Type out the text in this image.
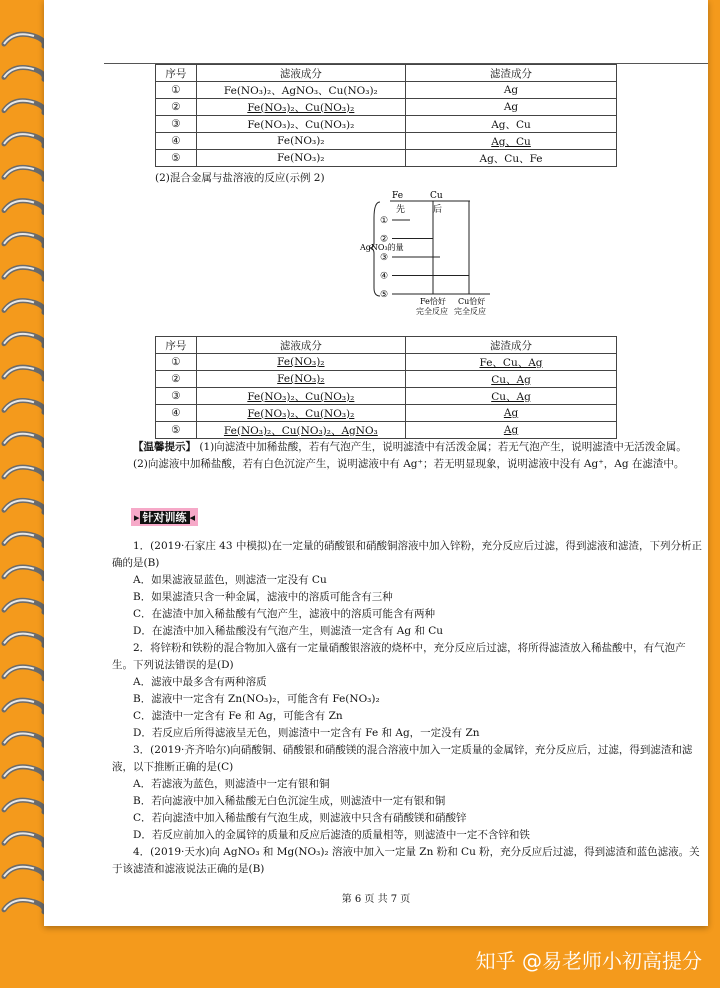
序号	滤液成分	滤渣成分
①	Fe(NO₃)₂、AgNO₃、Cu(NO₃)₂	Ag
②	Fe(NO₃)₂、Cu(NO₃)₂	Ag
③	Fe(NO₃)₂、Cu(NO₃)₂	Ag、Cu
④	Fe(NO₃)₂	Ag、Cu
⑤	Fe(NO₃)₂	Ag、Cu、Fe
(2)混合金属与盐溶液的反应(示例 2)
Fe	Cu
先	后
AgNO₃的量
①
②
③
④
⑤
Fe恰好
完全反应
Cu恰好
完全反应
序号	滤液成分	滤渣成分
①	Fe(NO₃)₂	Fe、Cu、Ag
②	Fe(NO₃)₂	Cu、Ag
③	Fe(NO₃)₂、Cu(NO₃)₂	Cu、Ag
④	Fe(NO₃)₂、Cu(NO₃)₂	Ag
⑤	Fe(NO₃)₂、Cu(NO₃)₂、AgNO₃	Ag
【温馨提示】 (1)向滤渣中加稀盐酸，若有气泡产生，说明滤渣中有活泼金属；若无气泡产生，说明滤渣中无活泼金属。
(2)向滤液中加稀盐酸，若有白色沉淀产生，说明滤液中有 Ag⁺；若无明显现象，说明滤液中没有 Ag⁺，Ag 在滤渣中。
▸ 针对训练 ◂
1．(2019·石家庄 43 中模拟)在一定量的硝酸银和硝酸铜溶液中加入锌粉，充分反应后过滤，得到滤液和滤渣，下列分析正确的是(B)
A．如果滤液显蓝色，则滤渣一定没有 Cu
B．如果滤渣只含一种金属，滤液中的溶质可能含有三种
C．在滤渣中加入稀盐酸有气泡产生，滤液中的溶质可能含有两种
D．在滤渣中加入稀盐酸没有气泡产生，则滤渣一定含有 Ag 和 Cu
2．将锌粉和铁粉的混合物加入盛有一定量硝酸银溶液的烧杯中，充分反应后过滤，将所得滤渣放入稀盐酸中，有气泡产生。下列说法错误的是(D)
A．滤液中最多含有两种溶质
B．滤液中一定含有 Zn(NO₃)₂，可能含有 Fe(NO₃)₂
C．滤渣中一定含有 Fe 和 Ag，可能含有 Zn
D．若反应后所得滤液呈无色，则滤渣中一定含有 Fe 和 Ag，一定没有 Zn
3．(2019·齐齐哈尔)向硝酸铜、硝酸银和硝酸镁的混合溶液中加入一定质量的金属锌，充分反应后，过滤，得到滤渣和滤液，以下推断正确的是(C)
A．若滤液为蓝色，则滤渣中一定有银和铜
B．若向滤液中加入稀盐酸无白色沉淀生成，则滤渣中一定有银和铜
C．若向滤渣中加入稀盐酸有气泡生成，则滤液中只含有硝酸镁和硝酸锌
D．若反应前加入的金属锌的质量和反应后滤渣的质量相等，则滤渣中一定不含锌和铁
4．(2019·天水)向 AgNO₃ 和 Mg(NO₃)₂ 溶液中加入一定量 Zn 粉和 Cu 粉，充分反应后过滤，得到滤渣和蓝色滤液。关于该滤渣和滤液说法正确的是(B)
第 6 页 共 7 页
知乎 @易老师小初高提分
